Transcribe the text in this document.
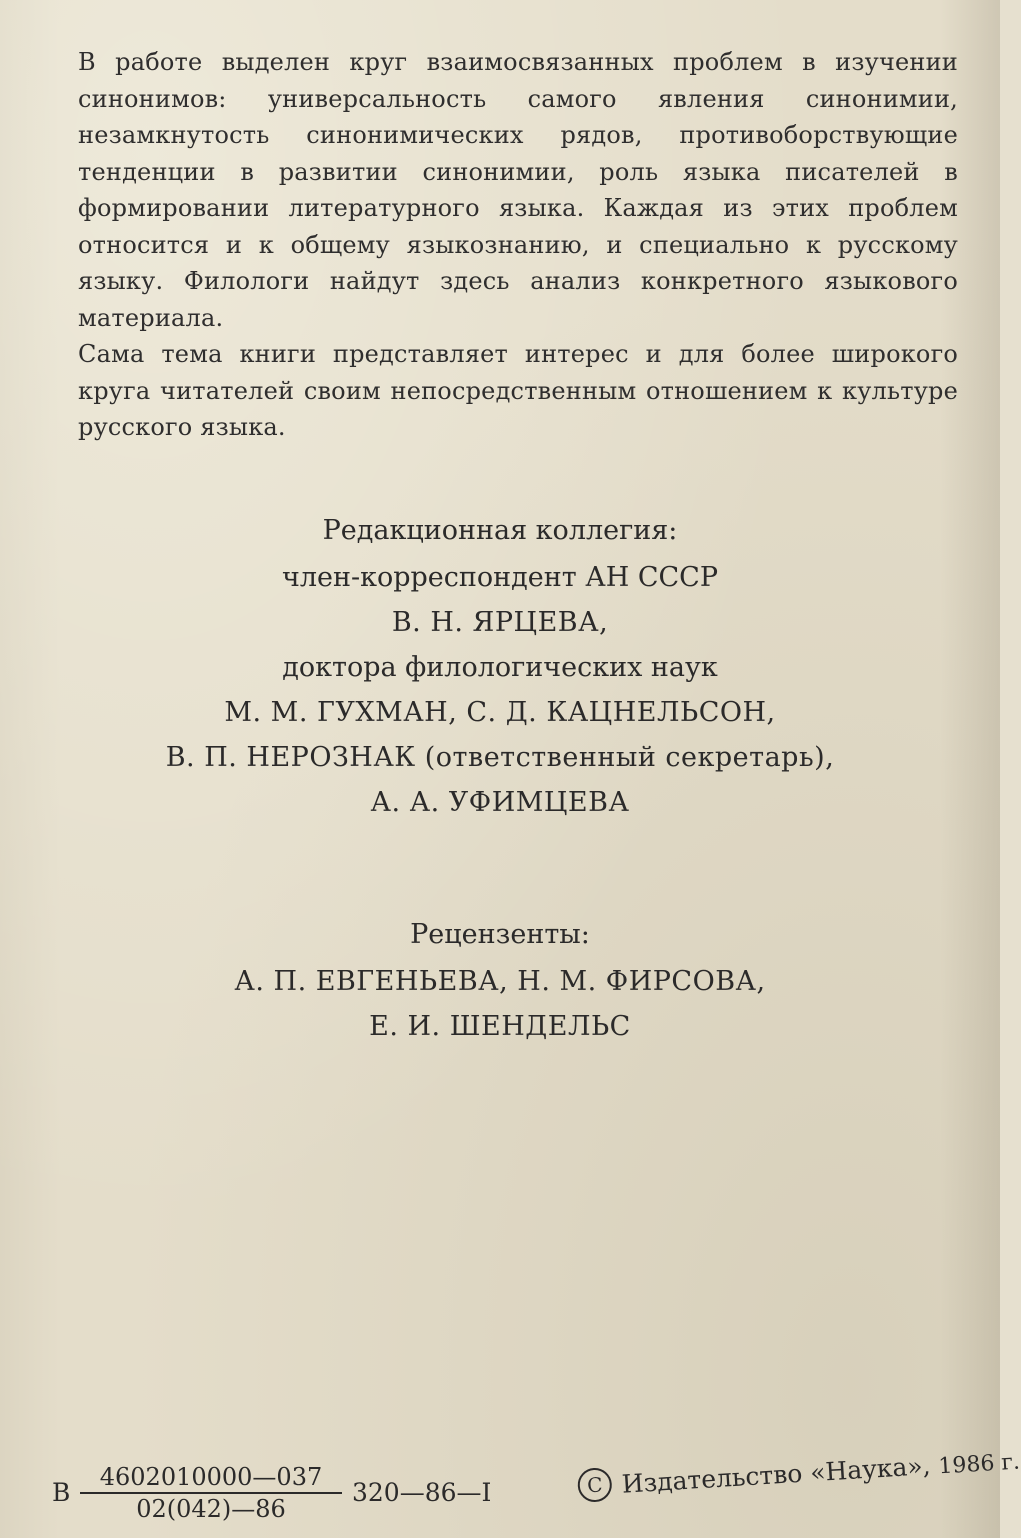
В работе выделен круг взаимосвязанных проблем в изучении синонимов: универсальность самого явления синонимии, незамкнутость синонимических рядов, противоборствующие тенденции в развитии синонимии, роль языка писателей в формировании литературного языка. Каждая из этих проблем относится и к общему языкознанию, и специально к русскому языку. Филологи найдут здесь анализ конкретного языкового материала.

Сама тема книги представляет интерес и для более широкого круга читателей своим непосредственным отношением к культуре русского языка.

Редакционная коллегия:
член-корреспондент АН СССР
В. Н. ЯРЦЕВА,
доктора филологических наук
М. М. ГУХМАН, С. Д. КАЦНЕЛЬСОН,
В. П. НЕРОЗНАК (ответственный секретарь),
А. А. УФИМЦЕВА
Рецензенты:
А. П. ЕВГЕНЬЕВА, Н. М. ФИРСОВА,
Е. И. ШЕНДЕЛЬС
В $\frac{4602010000—037}{02(042)—86}$ 320—86—I	С Издательство «Наука», 1986 г.
